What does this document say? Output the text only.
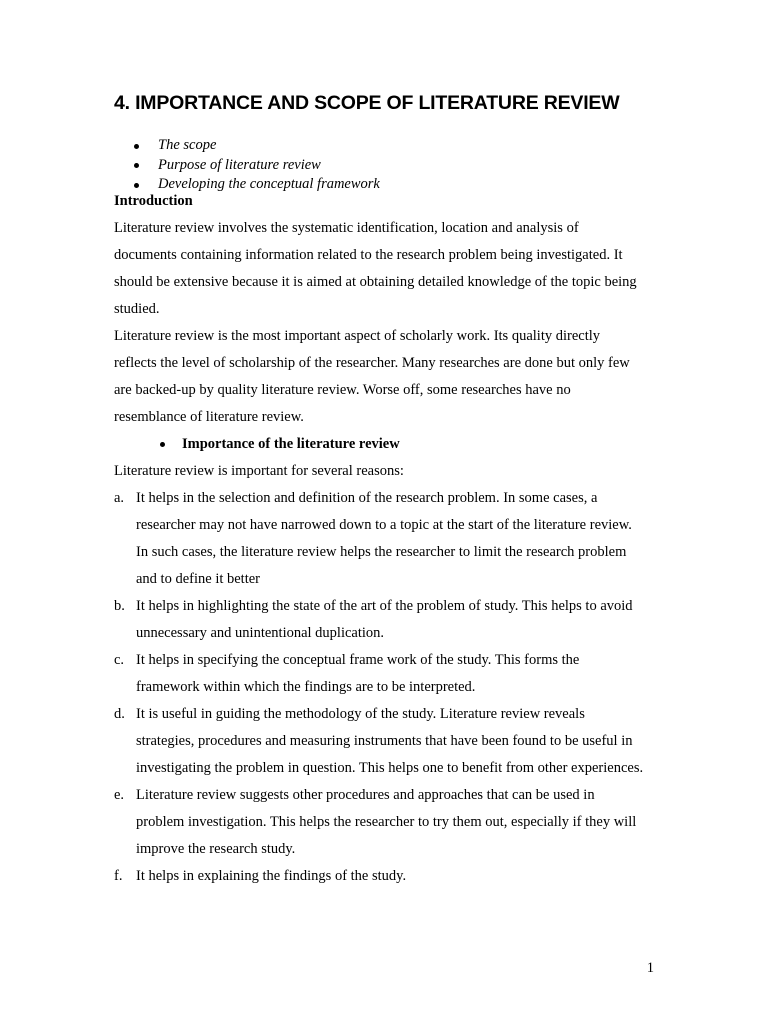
4. IMPORTANCE AND SCOPE OF LITERATURE REVIEW
The scope
Purpose of literature review
Developing the conceptual framework
Introduction

Literature review involves the systematic identification, location and analysis of documents containing information related to the research problem being investigated. It should be extensive because it is aimed at obtaining detailed knowledge of the topic being studied.

Literature review is the most important aspect of scholarly work. Its quality directly reflects the level of scholarship of the researcher. Many researches are done but only few are backed-up by quality literature review. Worse off, some researches have no resemblance of literature review.

Importance of the literature review

Literature review is important for several reasons:

a. It helps in the selection and definition of the research problem. In some cases, a researcher may not have narrowed down to a topic at the start of the literature review. In such cases, the literature review helps the researcher to limit the research problem and to define it better
b. It helps in highlighting the state of the art of the problem of study. This helps to avoid unnecessary and unintentional duplication.
c. It helps in specifying the conceptual frame work of the study. This forms the framework within which the findings are to be interpreted.
d. It is useful in guiding the methodology of the study. Literature review reveals strategies, procedures and measuring instruments that have been found to be useful in investigating the problem in question. This helps one to benefit from other experiences.
e. Literature review suggests other procedures and approaches that can be used in problem investigation. This helps the researcher to try them out, especially if they will improve the research study.
f. It helps in explaining the findings of the study.
1
